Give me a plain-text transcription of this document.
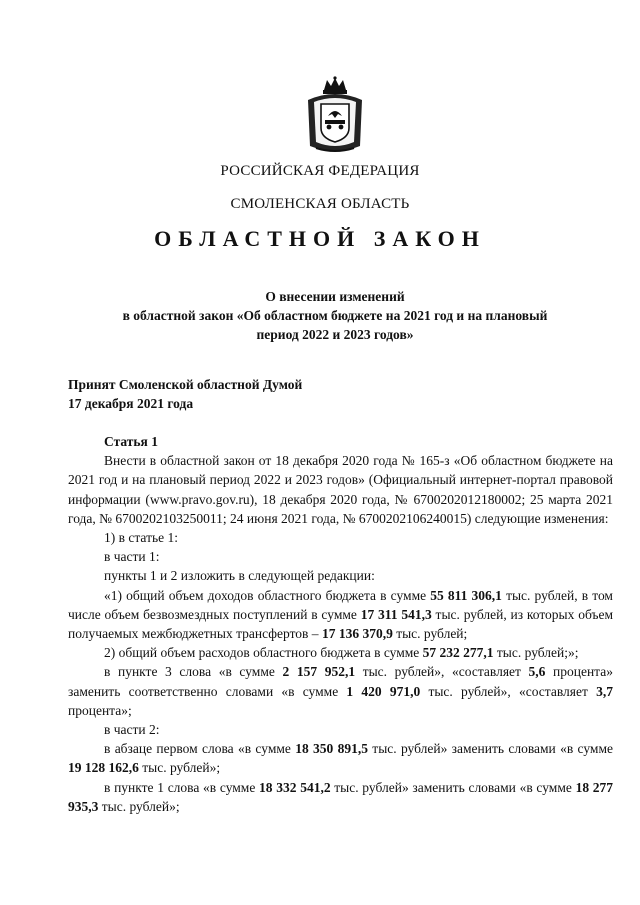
РОССИЙСКАЯ ФЕДЕРАЦИЯ
СМОЛЕНСКАЯ ОБЛАСТЬ
ОБЛАСТНОЙ ЗАКОН
О внесении изменений
в областной закон «Об областном бюджете на 2021 год и на плановый
период 2022 и 2023 годов»
Принят Смоленской областной Думой
17 декабря 2021 года

Статья 1

Внести в областной закон от 18 декабря 2020 года № 165-з «Об областном бюджете на 2021 год и на плановый период 2022 и 2023 годов» (Официальный интернет-портал правовой информации (www.pravo.gov.ru), 18 декабря 2020 года, № 6700202012180002; 25 марта 2021 года, № 6700202103250011; 24 июня 2021 года, № 6700202106240015) следующие изменения:

1) в статье 1:

в части 1:

пункты 1 и 2 изложить в следующей редакции:

«1) общий объем доходов областного бюджета в сумме 55 811 306,1 тыс. рублей, в том числе объем безвозмездных поступлений в сумме 17 311 541,3 тыс. рублей, из которых объем получаемых межбюджетных трансфертов – 17 136 370,9 тыс. рублей;

2) общий объем расходов областного бюджета в сумме 57 232 277,1 тыс. рублей;»;

в пункте 3 слова «в сумме 2 157 952,1 тыс. рублей», «составляет 5,6 процента» заменить соответственно словами «в сумме 1 420 971,0 тыс. рублей», «составляет 3,7 процента»;

в части 2:

в абзаце первом слова «в сумме 18 350 891,5 тыс. рублей» заменить словами «в сумме 19 128 162,6 тыс. рублей»;

в пункте 1 слова «в сумме 18 332 541,2 тыс. рублей» заменить словами «в сумме 18 277 935,3 тыс. рублей»;
